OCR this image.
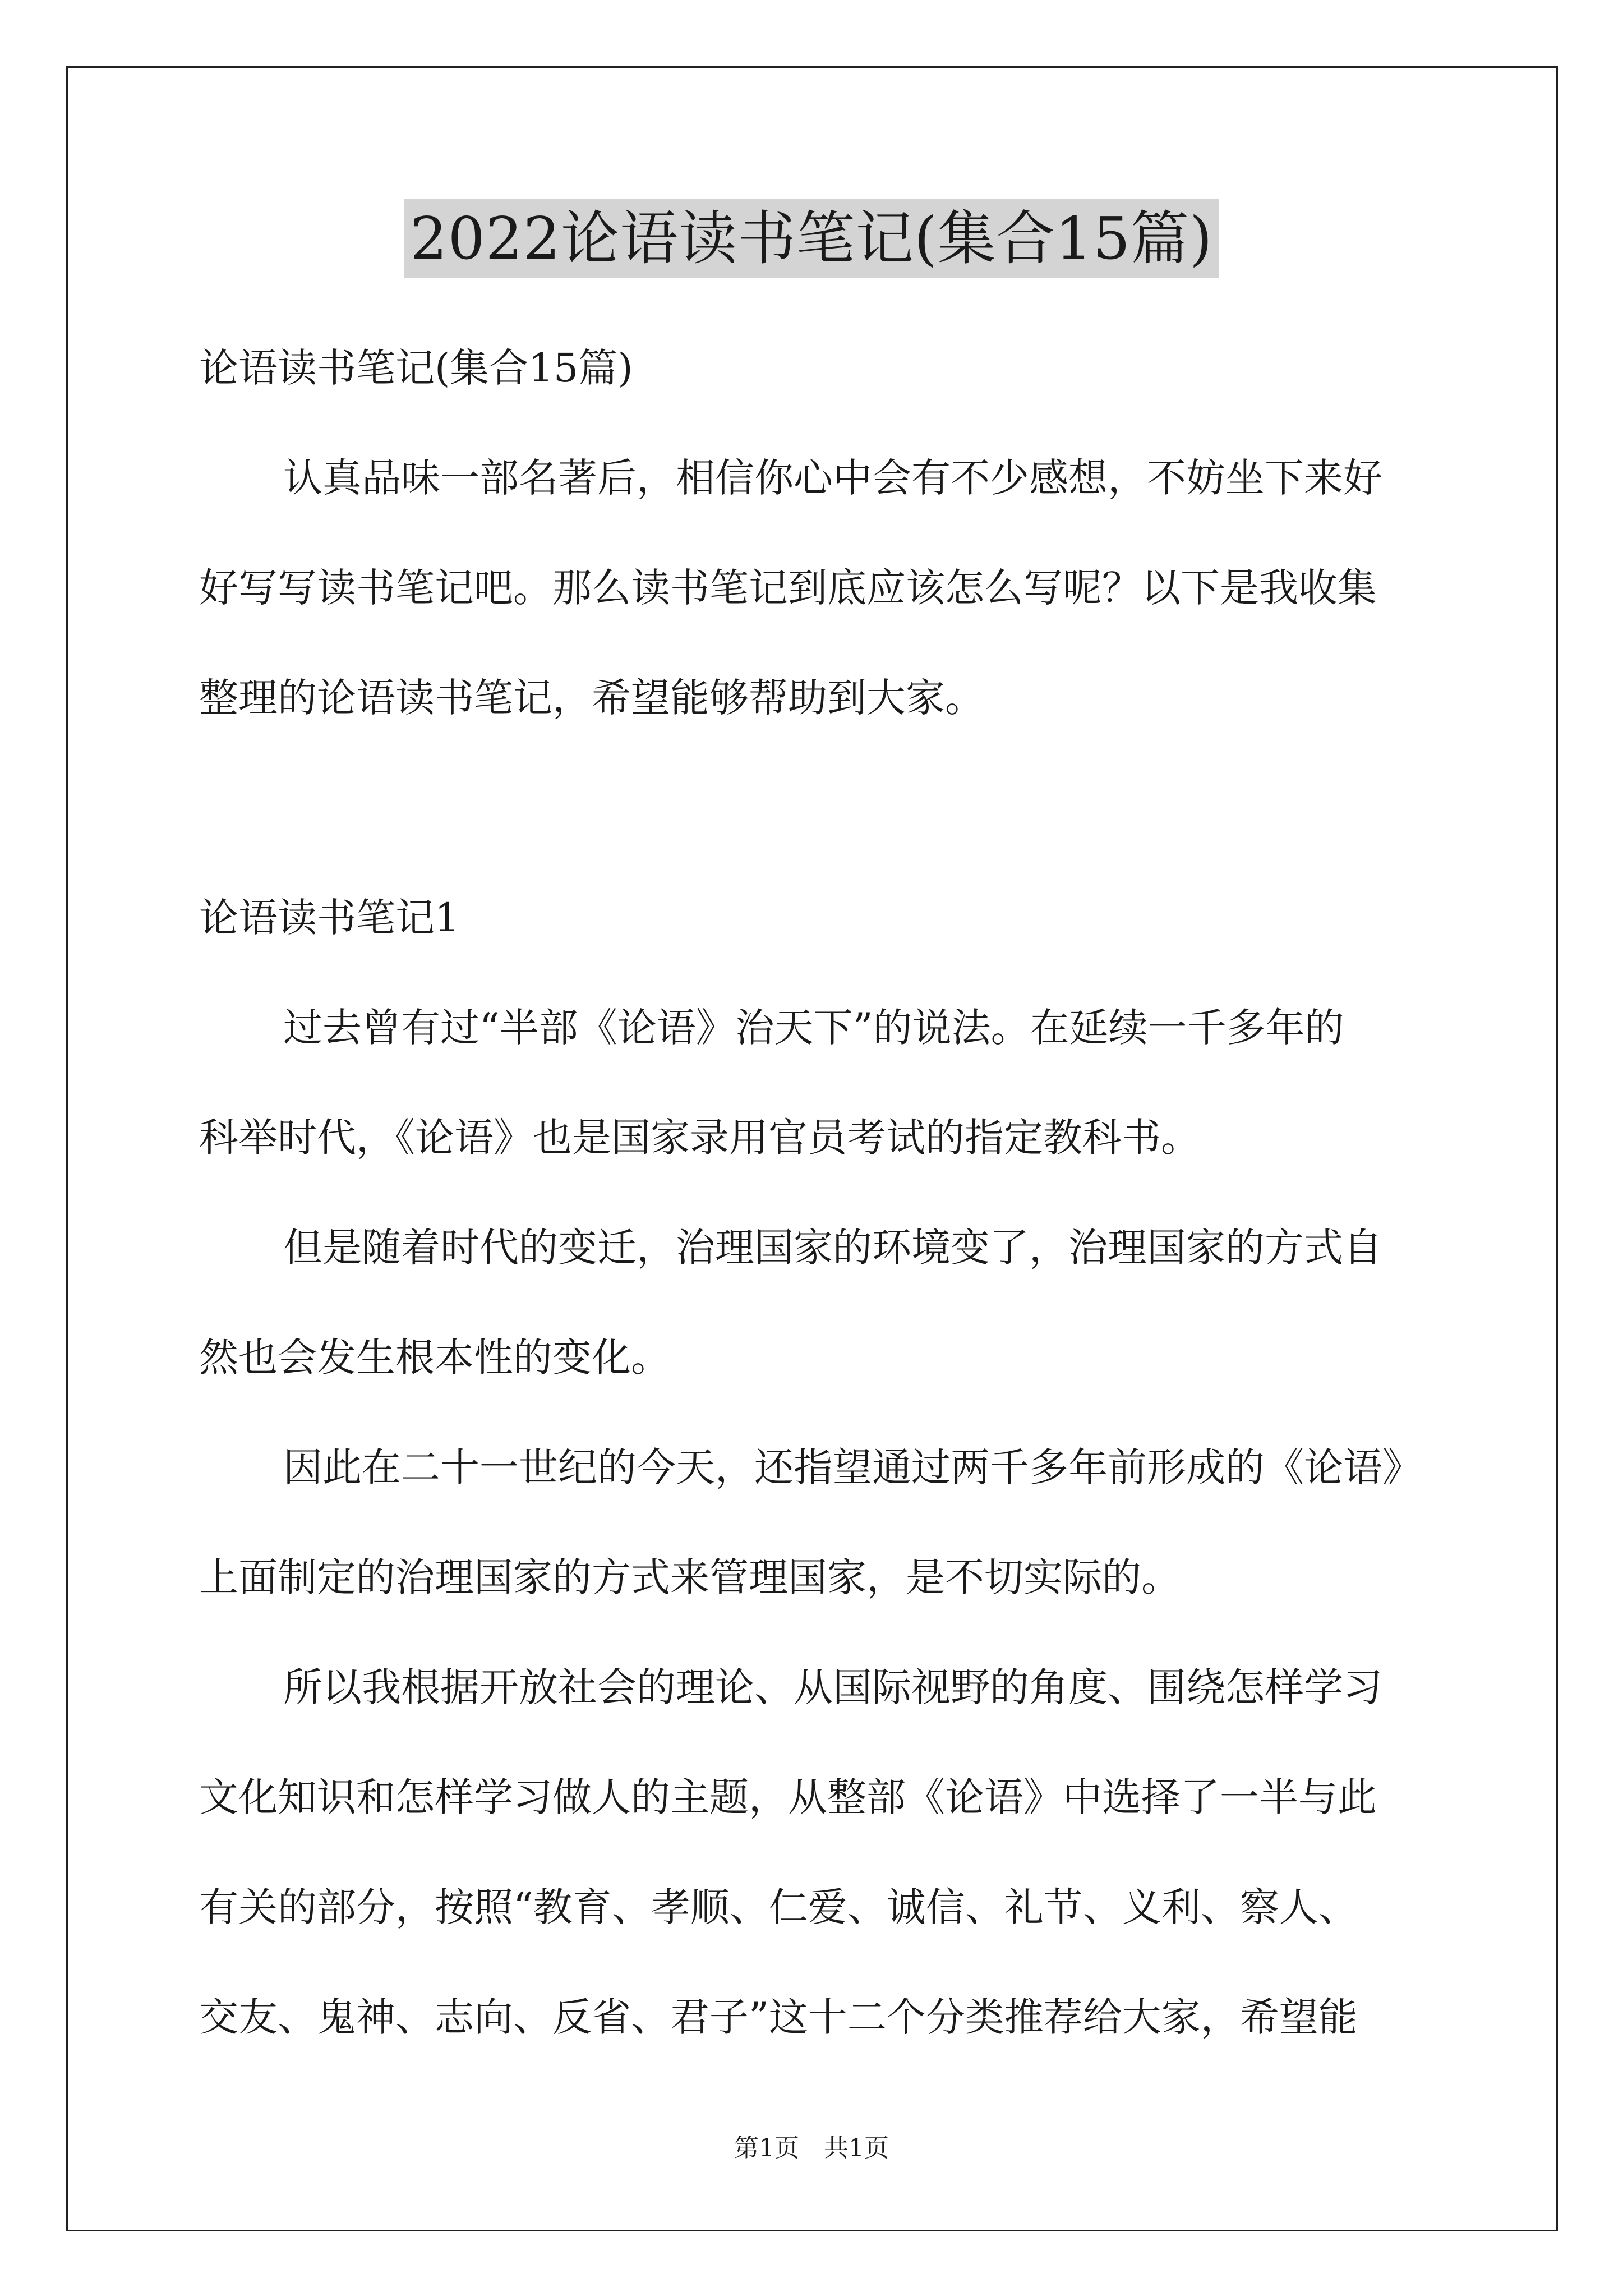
2022论语读书笔记(集合15篇)
论语读书笔记(集合15篇)
认真品味一部名著后，相信你心中会有不少感想，不妨坐下来好
好写写读书笔记吧。那么读书笔记到底应该怎么写呢？以下是我收集
整理的论语读书笔记，希望能够帮助到大家。
论语读书笔记1
过去曾有过“半部《论语》治天下”的说法。在延续一千多年的
科举时代，《论语》也是国家录用官员考试的指定教科书。
但是随着时代的变迁，治理国家的环境变了，治理国家的方式自
然也会发生根本性的变化。
因此在二十一世纪的今天，还指望通过两千多年前形成的《论语》
上面制定的治理国家的方式来管理国家，是不切实际的。
所以我根据开放社会的理论、从国际视野的角度、围绕怎样学习
文化知识和怎样学习做人的主题，从整部《论语》中选择了一半与此
有关的部分，按照“教育、孝顺、仁爱、诚信、礼节、义利、察人、
交友、鬼神、志向、反省、君子”这十二个分类推荐给大家，希望能
第1页　共1页
